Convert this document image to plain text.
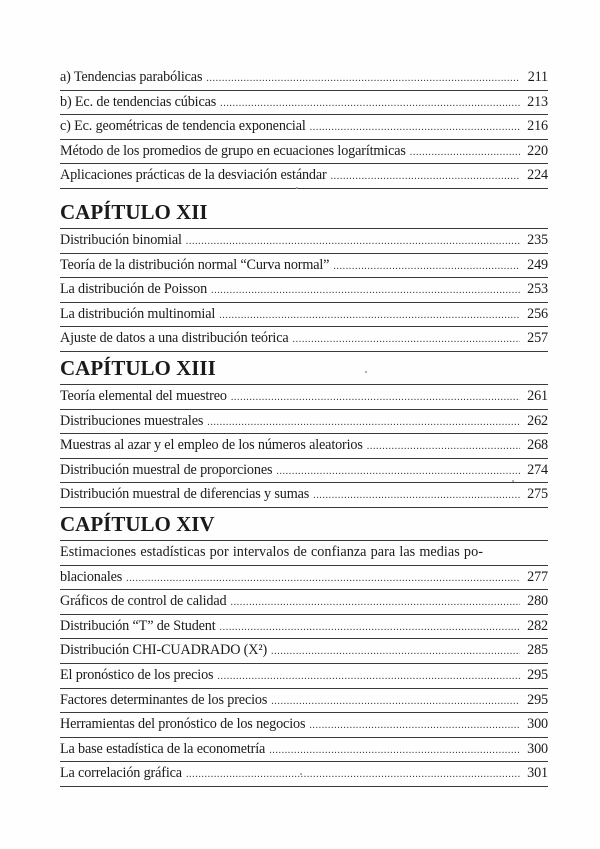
a) Tendencias parabólicas .....	211
b) Ec. de tendencias cúbicas .....	213
c) Ec. geométricas de tendencia exponencial .....	216
Método de los promedios de grupo en ecuaciones logarítmicas .....	220
Aplicaciones prácticas de la desviación estándar .....	224
CAPÍTULO XII
Distribución binomial .....	235
Teoría de la distribución normal “Curva normal” .....	249
La distribución de Poisson .....	253
La distribución multinomial .....	256
Ajuste de datos a una distribución teórica .....	257
CAPÍTULO XIII
Teoría elemental del muestreo .....	261
Distribuciones muestrales .....	262
Muestras al azar y el empleo de los números aleatorios .....	268
Distribución muestral de proporciones .....	274
Distribución muestral de diferencias y sumas .....	275
CAPÍTULO XIV
Estimaciones estadísticas por intervalos de confianza para las medias po-
blacionales .....	277
Gráficos de control de calidad .....	280
Distribución “T” de Student .....	282
Distribución CHI-CUADRADO (X²) .....	285
El pronóstico de los precios .....	295
Factores determinantes de los precios .....	295
Herramientas del pronóstico de los negocios .....	300
La base estadística de la econometría .....	300
La correlación gráfica .....	301
